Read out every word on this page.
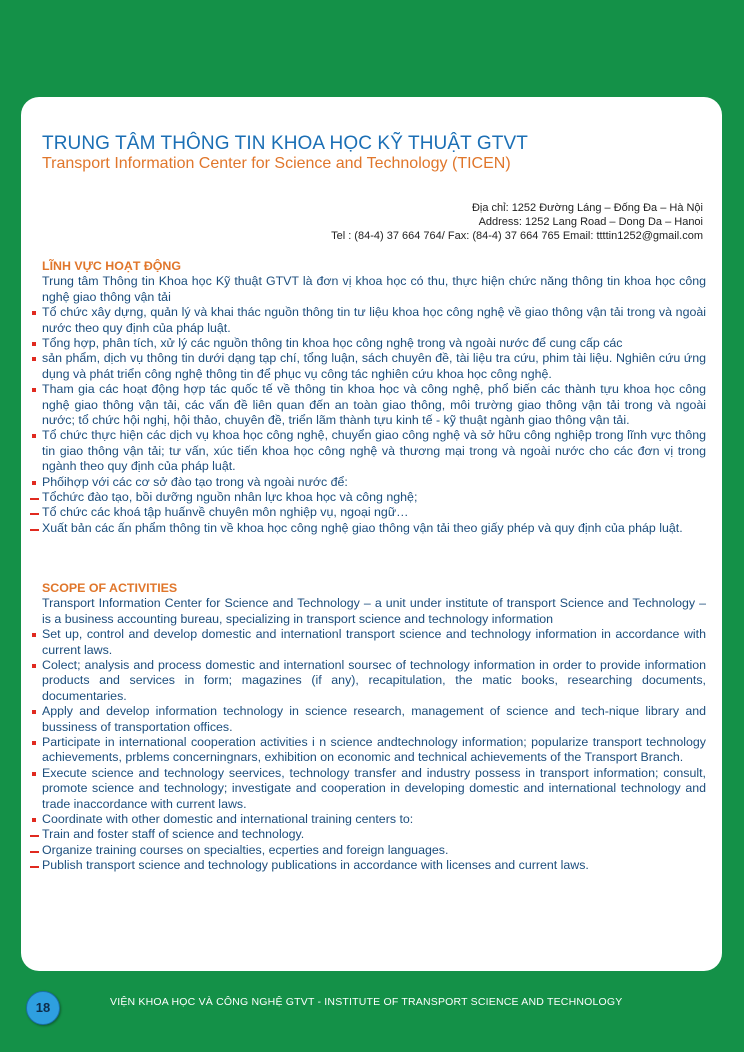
TRUNG TÂM THÔNG TIN KHOA HỌC KỸ THUẬT GTVT
Transport Information Center for Science and Technology (TICEN)
Địa chỉ: 1252 Đường Láng – Đống Đa – Hà Nội
Address: 1252 Lang Road – Dong Da – Hanoi
Tel : (84-4) 37 664 764/ Fax: (84-4) 37 664 765 Email: ttttin1252@gmail.com
LĨNH VỰC HOẠT ĐỘNG
Trung tâm Thông tin Khoa học Kỹ thuật GTVT là đơn vị khoa học có thu, thực hiện chức năng thông tin khoa học công nghệ giao thông vận tải
Tổ chức xây dựng, quản lý và khai thác nguồn thông tin tư liệu khoa học công nghệ về giao thông vận tải trong và ngoài nước theo quy định của pháp luật.
Tổng hợp, phân tích, xử lý các nguồn thông tin khoa học công nghệ trong và ngoài nước để cung cấp các
sản phẩm, dịch vụ thông tin dưới dạng tạp chí, tổng luận, sách chuyên đề, tài liệu tra cứu, phim tài liệu. Nghiên cứu ứng dụng và phát triển công nghệ thông tin để phục vụ công tác nghiên cứu khoa học công nghệ.
Tham gia các hoạt động hợp tác quốc tế về thông tin khoa học và công nghệ, phổ biến các thành tựu khoa học công nghệ giao thông vận tải, các vấn đề liên quan đến an toàn giao thông, môi trường giao thông vận tải trong và ngoài nước; tổ chức hội nghị, hội thảo, chuyên đề, triển lãm thành tựu kinh tế - kỹ thuật ngành giao thông vận tải.
Tổ chức thực hiện các dịch vụ khoa học công nghệ, chuyển giao công nghệ và sở hữu công nghiệp trong lĩnh vực thông tin giao thông vận tải; tư vấn, xúc tiến khoa học công nghệ và thương mại trong và ngoài nước cho các đơn vị trong ngành theo quy định của pháp luật.
Phốihợp với các cơ sở đào tạo trong và ngoài nước để:
Tổchức đào tạo, bồi dưỡng nguồn nhân lực khoa học và công nghệ;
Tổ chức các khoá tập huấnvề chuyên môn nghiệp vụ, ngoại ngữ…
Xuất bản các ấn phẩm thông tin về khoa học công nghệ giao thông vận tải theo giấy phép và quy định của pháp luật.
SCOPE OF ACTIVITIES
Transport Information Center for Science and Technology – a unit under institute of transport Science and Technology – is a business accounting bureau, specializing in transport science and technology information
Set up, control and develop domestic and internationl transport science and technology information in accordance with current laws.
Colect; analysis and process domestic and internationl soursec of technology information in order to provide information products and services in form; magazines (if any), recapitulation, the matic books, researching documents, documentaries.
Apply and develop information technology in science research, management of science and tech-nique library and bussiness of transportation offices.
Participate in international cooperation activities i n science andtechnology information; popularize transport technology achievements, prblems concerningnars, exhibition on economic and technical achievements of the Transport Branch.
Execute science and technology seervices, technology transfer and industry possess in transport information; consult, promote science and technology; investigate and cooperation in developing domestic and international technology and trade inaccordance with current laws.
Coordinate with other domestic and international training centers to:
Train and foster staff of science and technology.
Organize training courses on specialties, ecperties and foreign languages.
Publish transport science and technology publications in accordance with licenses and current laws.
18	VIỆN KHOA HỌC VÀ CÔNG NGHỆ GTVT - INSTITUTE OF TRANSPORT SCIENCE AND TECHNOLOGY
